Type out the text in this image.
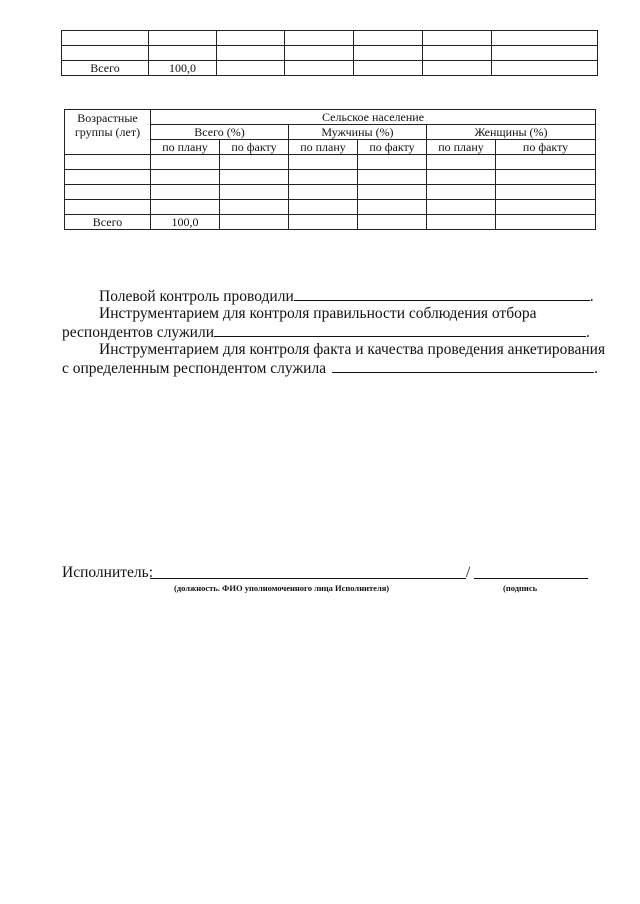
Всего	100,0					
Возрастные группы (лет)	Сельское население					
	Всего (%)		Мужчины (%)		Женщины (%)	
	по плану	по факту	по плану	по факту	по плану	по факту

Всего	100,0					
Полевой контроль проводили	.
Инструментарием для контроля правильности соблюдения отбора
респондентов служили	.
Инструментарием для контроля факта и качества проведения анкетирования
с определенным респондентом служила	.
Исполнитель:	/
(должность. ФИО уполномоченного лица Исполнителя)	(подпись
